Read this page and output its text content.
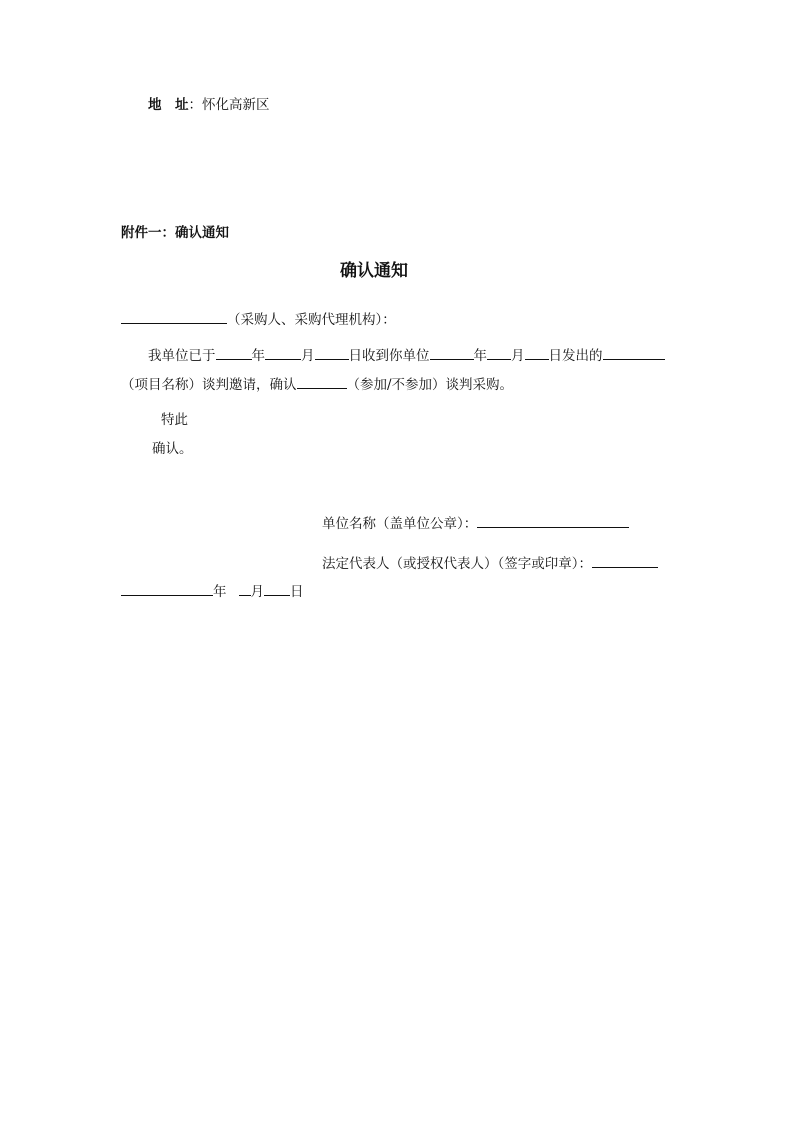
地　址：怀化高新区
附件一：确认通知
确认通知
（采购人、采购代理机构）：
我单位已于	年	月	日收到你单位	年 月 日发出的
（项目名称）谈判邀请，确认	（参加/不参加）谈判采购。
特此
确认。
单位名称（盖单位公章）：
法定代表人（或授权代表人）（签字或印章）：
年 月 日
